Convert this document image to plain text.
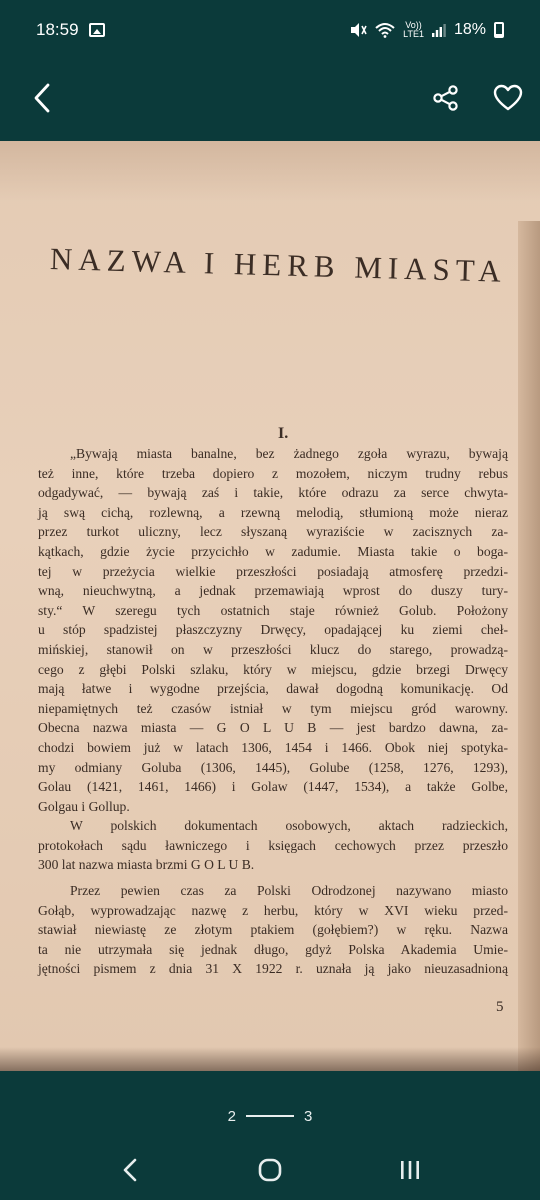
18:59	Vo))
LTE1 18%
NAZWA I HERB MIASTA
I.
„Bywają miasta banalne, bez żadnego zgoła wyrazu, bywają
też inne, które trzeba dopiero z mozołem, niczym trudny rebus
odgadywać, — bywają zaś i takie, które odrazu za serce chwyta-
ją swą cichą, rozlewną, a rzewną melodią, stłumioną może nieraz
przez turkot uliczny, lecz słyszaną wyraziście w zacisznych za-
kątkach, gdzie życie przycichło w zadumie. Miasta takie o boga-
tej w przeżycia wielkie przeszłości posiadają atmosferę przedzi-
wną, nieuchwytną, a jednak przemawiają wprost do duszy tury-
sty.“ W szeregu tych ostatnich staje również Golub. Położony
u stóp spadzistej płaszczyzny Drwęcy, opadającej ku ziemi cheł-
mińskiej, stanowił on w przeszłości klucz do starego, prowadzą-
cego z głębi Polski szlaku, który w miejscu, gdzie brzegi Drwęcy
mają łatwe i wygodne przejścia, dawał dogodną komunikację. Od
niepamiętnych też czasów istniał w tym miejscu gród warowny.
Obecna nazwa miasta — G O L U B — jest bardzo dawna, za-
chodzi bowiem już w latach 1306, 1454 i 1466. Obok niej spotyka-
my odmiany Goluba (1306, 1445), Golube (1258, 1276, 1293),
Golau (1421, 1461, 1466) i Golaw (1447, 1534), a także Golbe,
Golgau i Gollup.
W polskich dokumentach osobowych, aktach radzieckich,
protokołach sądu ławniczego i księgach cechowych przez przeszło
300 lat nazwa miasta brzmi G O L U B.
Przez pewien czas za Polski Odrodzonej nazywano miasto
Gołąb, wyprowadzając nazwę z herbu, który w XVI wieku przed-
stawiał niewiastę ze złotym ptakiem (gołębiem?) w ręku. Nazwa
ta nie utrzymała się jednak długo, gdyż Polska Akademia Umie-
jętności pismem z dnia 31 X 1922 r. uznała ją jako nieuzasadnioną
5
2	3
